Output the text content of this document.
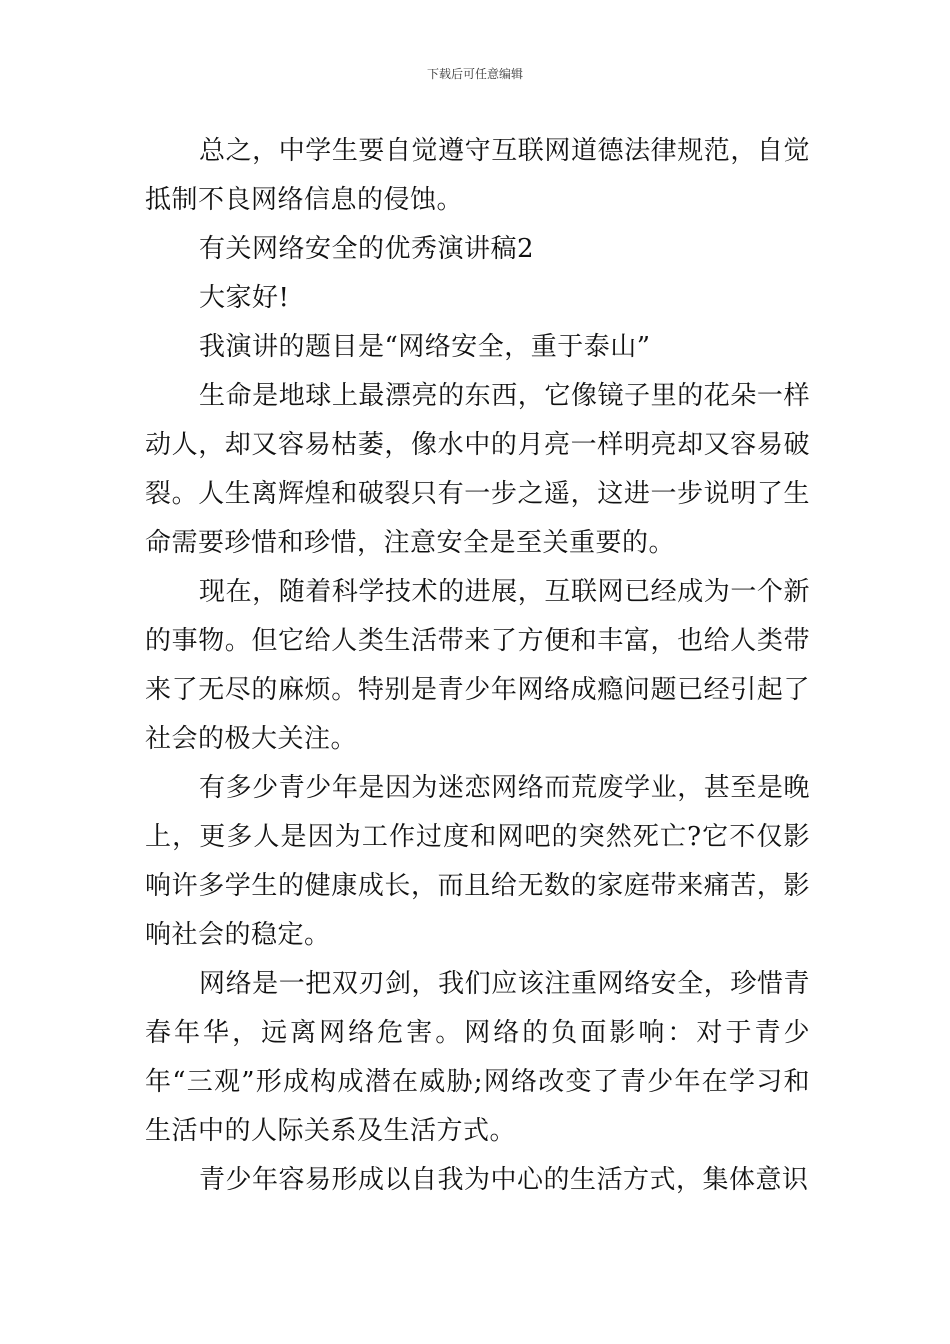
下载后可任意编辑

总之，中学生要自觉遵守互联网道德法律规范，自觉抵制不良网络信息的侵蚀。

有关网络安全的优秀演讲稿2

大家好!

我演讲的题目是“网络安全，重于泰山”

生命是地球上最漂亮的东西，它像镜子里的花朵一样动人，却又容易枯萎，像水中的月亮一样明亮却又容易破裂。人生离辉煌和破裂只有一步之遥，这进一步说明了生命需要珍惜和珍惜，注意安全是至关重要的。

现在，随着科学技术的进展，互联网已经成为一个新的事物。但它给人类生活带来了方便和丰富，也给人类带来了无尽的麻烦。特别是青少年网络成瘾问题已经引起了社会的极大关注。

有多少青少年是因为迷恋网络而荒废学业，甚至是晚上，更多人是因为工作过度和网吧的突然死亡?它不仅影响许多学生的健康成长，而且给无数的家庭带来痛苦，影响社会的稳定。

网络是一把双刃剑，我们应该注重网络安全，珍惜青春年华，远离网络危害。网络的负面影响：对于青少年“三观”形成构成潜在威胁;网络改变了青少年在学习和生活中的人际关系及生活方式。

青少年容易形成以自我为中心的生活方式，集体意识
